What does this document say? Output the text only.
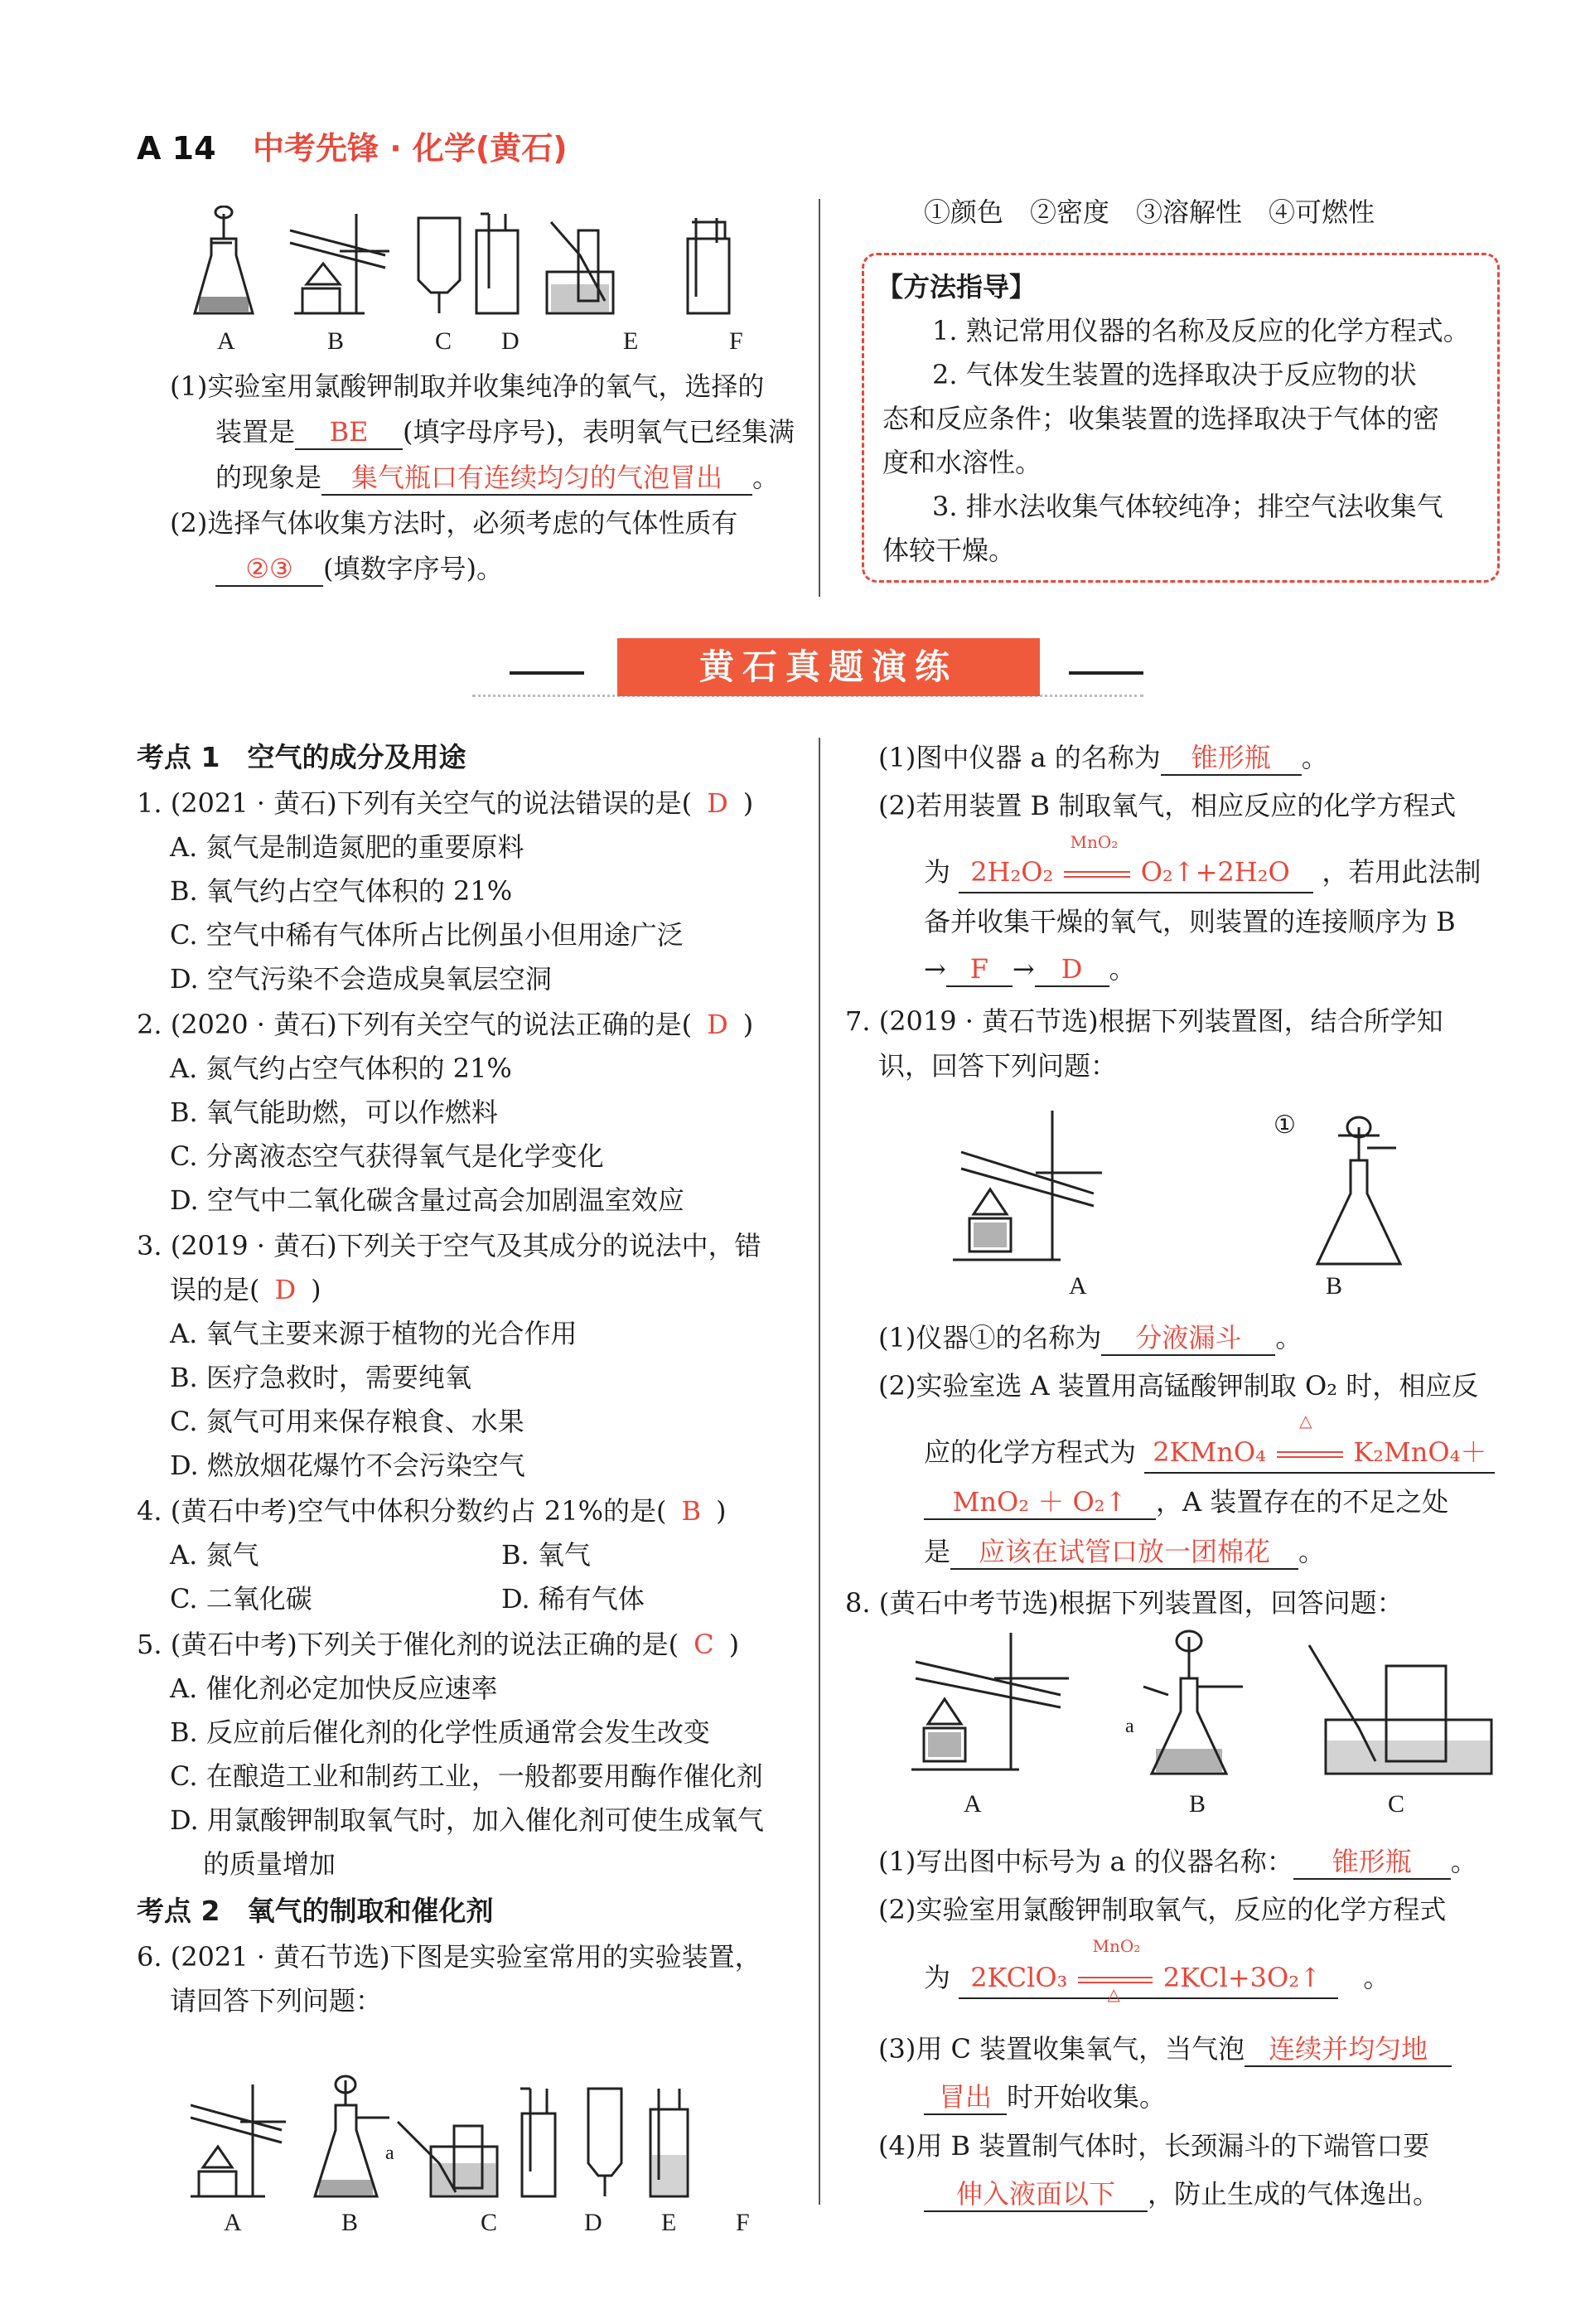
A 14 中考先锋 · 化学(黄石)
A	B	C D	E	F
(1)实验室用氯酸钾制取并收集纯净的氧气，选择的
装置是 BE (填字母序号)，表明氧气已经集满
的现象是 集气瓶口有连续均匀的气泡冒出 。
(2)选择气体收集方法时，必须考虑的气体性质有
②③ (填数字序号)。
①颜色　②密度　③溶解性　④可燃性
【方法指导】
1. 熟记常用仪器的名称及反应的化学方程式。
2. 气体发生装置的选择取决于反应物的状
态和反应条件；收集装置的选择取决于气体的密
度和水溶性。
3. 排水法收集气体较纯净；排空气法收集气
体较干燥。
黄石真题演练
考点 1　空气的成分及用途
1. (2021 · 黄石)下列有关空气的说法错误的是( D )
A. 氮气是制造氮肥的重要原料
B. 氧气约占空气体积的 21%
C. 空气中稀有气体所占比例虽小但用途广泛
D. 空气污染不会造成臭氧层空洞
2. (2020 · 黄石)下列有关空气的说法正确的是( D )
A. 氮气约占空气体积的 21%
B. 氧气能助燃，可以作燃料
C. 分离液态空气获得氧气是化学变化
D. 空气中二氧化碳含量过高会加剧温室效应
3. (2019 · 黄石)下列关于空气及其成分的说法中，错
误的是( D )
A. 氧气主要来源于植物的光合作用
B. 医疗急救时，需要纯氧
C. 氮气可用来保存粮食、水果
D. 燃放烟花爆竹不会污染空气
4. (黄石中考)空气中体积分数约占 21%的是( B )
A. 氮气	B. 氧气
C. 二氧化碳	D. 稀有气体
5. (黄石中考)下列关于催化剂的说法正确的是( C )
A. 催化剂必定加快反应速率
B. 反应前后催化剂的化学性质通常会发生改变
C. 在酿造工业和制药工业，一般都要用酶作催化剂
D. 用氯酸钾制取氧气时，加入催化剂可使生成氧气
的质量增加
考点 2　氧气的制取和催化剂
6. (2021 · 黄石节选)下图是实验室常用的实验装置，
请回答下列问题：
a
A	B	C	D E F
(1)图中仪器 a 的名称为 锥形瓶 。
(2)若用装置 B 制取氧气，相应反应的化学方程式
为 2H₂O₂
MnO₂
O₂↑+2H₂O ，若用此法制
备并收集干燥的氧气，则装置的连接顺序为 B
→ F → D 。
7. (2019 · 黄石节选)根据下列装置图，结合所学知
识，回答下列问题：
①
A	B
(1)仪器①的名称为 分液漏斗 。
(2)实验室选 A 装置用高锰酸钾制取 O₂ 时，相应反
应的化学方程式为 2KMnO₄
△
K₂MnO₄＋
MnO₂ ＋ O₂↑ ，A 装置存在的不足之处
是 应该在试管口放一团棉花 。
8. (黄石中考节选)根据下列装置图，回答问题：
a
A	B	C
(1)写出图中标号为 a 的仪器名称： 锥形瓶 。
(2)实验室用氯酸钾制取氧气，反应的化学方程式
为 2KClO₃
MnO₂
△
2KCl+3O₂↑ 。
(3)用 C 装置收集氧气，当气泡 连续并均匀地
冒出 时开始收集。
(4)用 B 装置制气体时，长颈漏斗的下端管口要
伸入液面以下 ，防止生成的气体逸出。
